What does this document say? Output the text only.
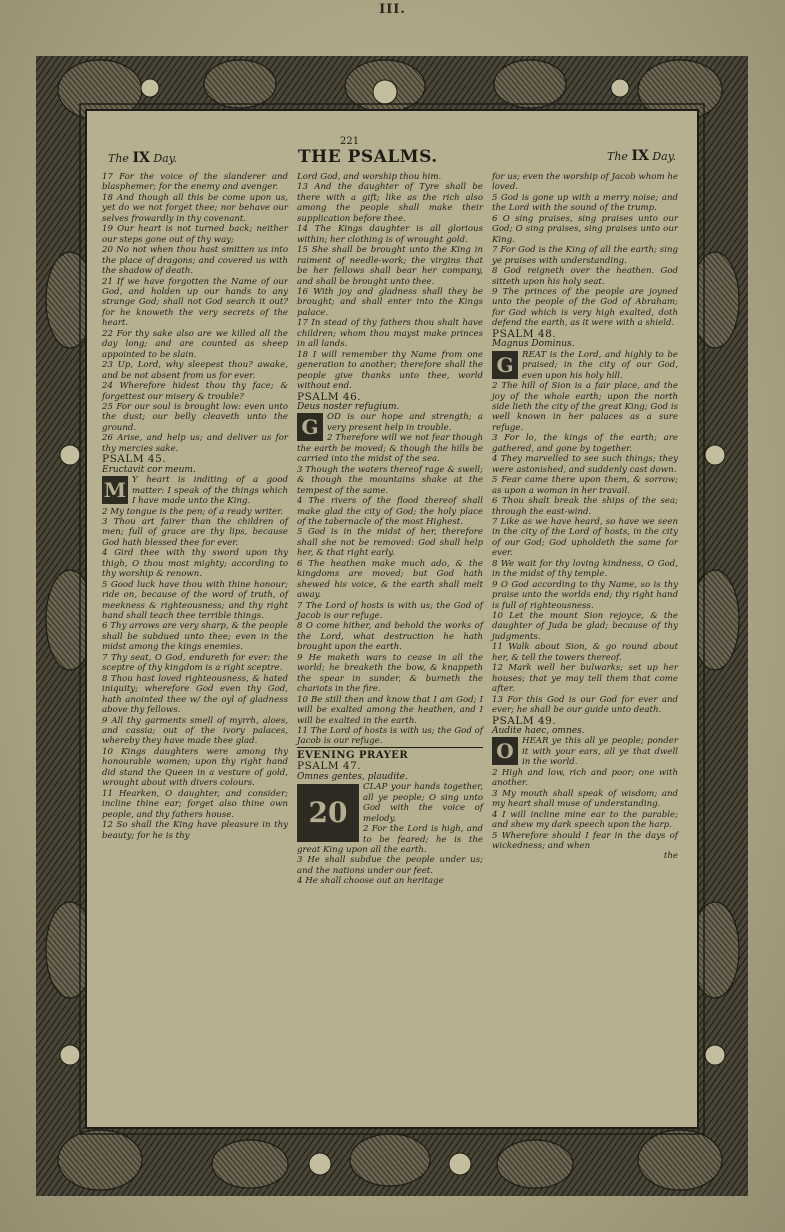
III.
The IX Day.
221
THE PSALMS.	The IX Day.

17 For the voice of the slanderer and blasphemer; for the enemy and avenger.

18 And though all this be come upon us, yet do we not forget thee; nor behave our selves frowardly in thy covenant.

19 Our heart is not turned back; neither our steps gone out of thy way;

20 No not when thou hast smitten us into the place of dragons; and covered us with the shadow of death.

21 If we have forgotten the Name of our God, and holden up our hands to any strange God; shall not God search it out? for he knoweth the very secrets of the heart.

22 For thy sake also are we killed all the day long; and are counted as sheep appointed to be slain.

23 Up, Lord, why sleepest thou? awake, and be not absent from us for ever.

24 Wherefore hidest thou thy face; & forgettest our misery & trouble?

25 For our soul is brought low: even unto the dust; our belly cleaveth unto the ground.

26 Arise, and help us; and deliver us for thy mercies sake.

PSALM 45.

Eructavit cor meum.

M Y heart is inditing of a good matter: I speak of the things which I have made unto the King.

2 My tongue is the pen; of a ready writer.

3 Thou art fairer than the children of men; full of grace are thy lips, because God hath blessed thee for ever.

4 Gird thee with thy sword upon thy thigh, O thou most mighty; according to thy worship & renown.

5 Good luck have thou with thine honour; ride on, because of the word of truth, of meekness & righteousness; and thy right hand shall teach thee terrible things.

6 Thy arrows are very sharp, & the people shall be subdued unto thee; even in the midst among the kings enemies.

7 Thy seat, O God, endureth for ever: the sceptre of thy kingdom is a right sceptre.

8 Thou hast loved righteousness, & hated iniquity; wherefore God even thy God, hath anointed thee w/ the oyl of gladness above thy fellows.

9 All thy garments smell of myrrh, aloes, and cassia; out of the ivory palaces, whereby they have made thee glad.

10 Kings daughters were among thy honourable women; upon thy right hand did stand the Queen in a vesture of gold, wrought about with divers colours.

11 Hearken, O daughter, and consider; incline thine ear; forget also thine own people, and thy fathers house.

12 So shall the King have pleasure in thy beauty; for he is thy

Lord God, and worship thou him.

13 And the daughter of Tyre shall be there with a gift; like as the rich also among the people shall make their supplication before thee.

14 The Kings daughter is all glorious within; her clothing is of wrought gold.

15 She shall be brought unto the King in raiment of needle-work; the virgins that be her fellows shall bear her company, and shall be brought unto thee.

16 With joy and gladness shall they be brought; and shall enter into the Kings palace.

17 In stead of thy fathers thou shalt have children; whom thou mayst make princes in all lands.

18 I will remember thy Name from one generation to another; therefore shall the people give thanks unto thee, world without end.

PSALM 46.

Deus noster refugium.

G OD is our hope and strength; a very present help in trouble.

2 Therefore will we not fear though the earth be moved; & though the hills be carried into the midst of the sea.

3 Though the waters thereof rage & swell; & though the mountains shake at the tempest of the same.

4 The rivers of the flood thereof shall make glad the city of God; the holy place of the tabernacle of the most Highest.

5 God is in the midst of her, therefore shall she not be removed: God shall help her, & that right early.

6 The heathen make much ado, & the kingdoms are moved; but God hath shewed his voice, & the earth shall melt away.

7 The Lord of hosts is with us; the God of Jacob is our refuge.

8 O come hither, and behold the works of the Lord, what destruction he hath brought upon the earth.

9 He maketh wars to cease in all the world; he breaketh the bow, & knappeth the spear in sunder, & burneth the chariots in the fire.

10 Be still then and know that I am God; I will be exalted among the heathen, and I will be exalted in the earth.

11 The Lord of hosts is with us; the God of Jacob is our refuge.

EVENING PRAYER

PSALM 47.

Omnes gentes, plaudite.

20
CLAP your hands together, all ye people; O sing unto God with the voice of melody.

2 For the Lord is high, and to be feared; he is the great King upon all the earth.

3 He shall subdue the people under us; and the nations under our feet.

4 He shall choose out an heritage

for us; even the worship of Jacob whom he loved.

5 God is gone up with a merry noise; and the Lord with the sound of the trump.

6 O sing praises, sing praises unto our God; O sing praises, sing praises unto our King.

7 For God is the King of all the earth; sing ye praises with understanding.

8 God reigneth over the heathen. God sitteth upon his holy seat.

9 The princes of the people are joyned unto the people of the God of Abraham; for God which is very high exalted, doth defend the earth, as it were with a shield.

PSALM 48.

Magnus Dominus.

G REAT is the Lord, and highly to be praised; in the city of our God, even upon his holy hill.

2 The hill of Sion is a fair place, and the joy of the whole earth; upon the north side lieth the city of the great King; God is well known in her palaces as a sure refuge.

3 For lo, the kings of the earth; are gathered, and gone by together.

4 They marvelled to see such things; they were astonished, and suddenly cast down.

5 Fear came there upon them, & sorrow; as upon a woman in her travail.

6 Thou shalt break the ships of the sea; through the east-wind.

7 Like as we have heard, so have we seen in the city of the Lord of hosts, in the city of our God; God upholdeth the same for ever.

8 We wait for thy loving kindness, O God, in the midst of thy temple.

9 O God according to thy Name, so is thy praise unto the worlds end; thy right hand is full of righteousness.

10 Let the mount Sion rejoyce, & the daughter of Juda be glad; because of thy judgments.

11 Walk about Sion, & go round about her, & tell the towers thereof.

12 Mark well her bulwarks; set up her houses; that ye may tell them that come after.

13 For this God is our God for ever and ever; he shall be our guide unto death.

PSALM 49.

Audite haec, omnes.

O HEAR ye this all ye people; ponder it with your ears, all ye that dwell in the world.

2 High and low, rich and poor; one with another.

3 My mouth shall speak of wisdom; and my heart shall muse of understanding.

4 I will incline mine ear to the parable; and shew my dark speech upon the harp.

5 Wherefore should I fear in the days of wickedness; and when

the
